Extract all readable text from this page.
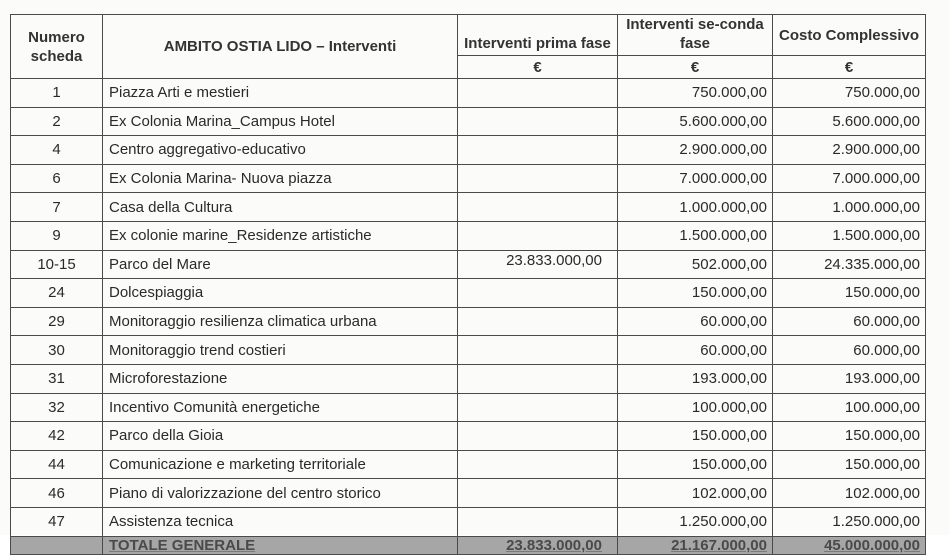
Numero scheda	AMBITO OSTIA LIDO – Interventi	Interventi prima fase	Interventi se-conda fase	Costo Complessivo
		€	€	€
1	Piazza Arti e mestieri		750.000,00	750.000,00
2	Ex Colonia Marina_Campus Hotel		5.600.000,00	5.600.000,00
4	Centro aggregativo-educativo		2.900.000,00	2.900.000,00
6	Ex Colonia Marina- Nuova piazza		7.000.000,00	7.000.000,00
7	Casa della Cultura		1.000.000,00	1.000.000,00
9	Ex colonie marine_Residenze artistiche		1.500.000,00	1.500.000,00
10-15	Parco del Mare	23.833.000,00	502.000,00	24.335.000,00
24	Dolcespiaggia		150.000,00	150.000,00
29	Monitoraggio resilienza climatica urbana		60.000,00	60.000,00
30	Monitoraggio trend costieri		60.000,00	60.000,00
31	Microforestazione		193.000,00	193.000,00
32	Incentivo Comunità energetiche		100.000,00	100.000,00
42	Parco della Gioia		150.000,00	150.000,00
44	Comunicazione e marketing territoriale		150.000,00	150.000,00
46	Piano di valorizzazione del centro storico		102.000,00	102.000,00
47	Assistenza tecnica		1.250.000,00	1.250.000,00
	TOTALE GENERALE	23.833.000,00	21.167.000,00	45.000.000,00
